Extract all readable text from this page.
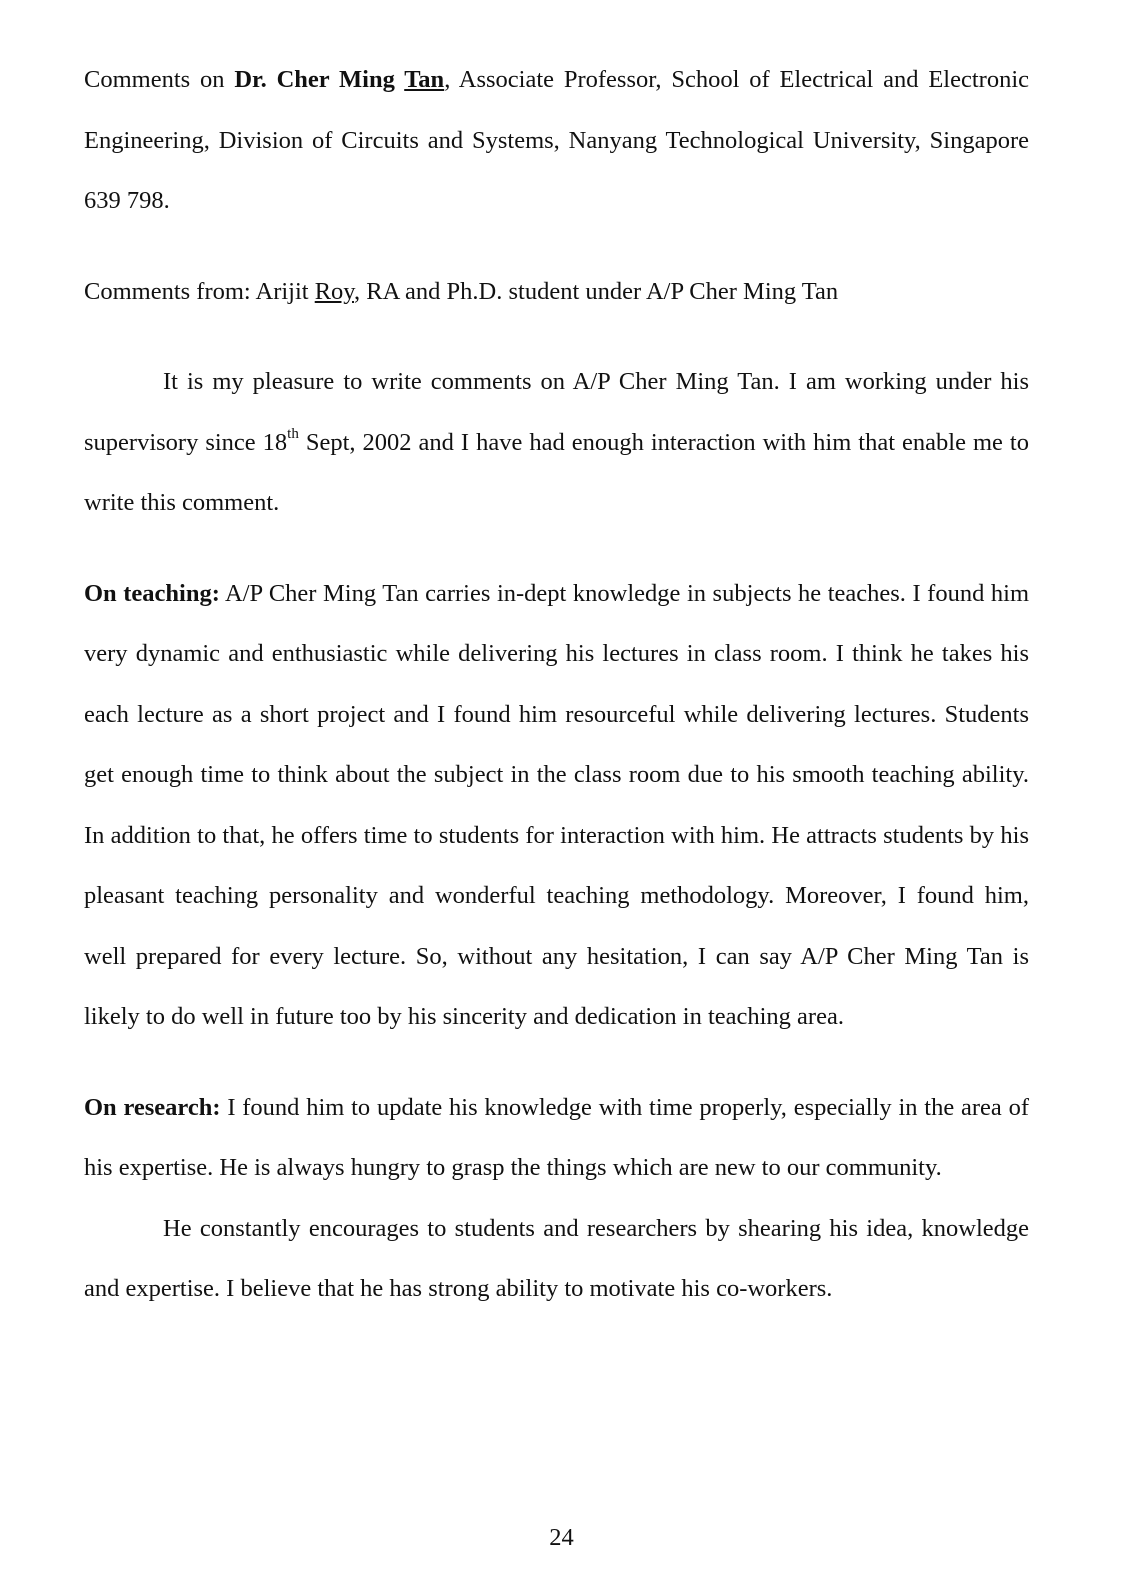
Comments on Dr. Cher Ming Tan, Associate Professor, School of Electrical and Electronic Engineering, Division of Circuits and Systems, Nanyang Technological University, Singapore 639 798.

Comments from: Arijit Roy, RA and Ph.D. student under A/P Cher Ming Tan

It is my pleasure to write comments on A/P Cher Ming Tan. I am working under his supervisory since 18th Sept, 2002 and I have had enough interaction with him that enable me to write this comment.

On teaching: A/P Cher Ming Tan carries in-dept knowledge in subjects he teaches. I found him very dynamic and enthusiastic while delivering his lectures in class room. I think he takes his each lecture as a short project and I found him resourceful while delivering lectures. Students get enough time to think about the subject in the class room due to his smooth teaching ability. In addition to that, he offers time to students for interaction with him. He attracts students by his pleasant teaching personality and wonderful teaching methodology. Moreover, I found him, well prepared for every lecture. So, without any hesitation, I can say A/P Cher Ming Tan is likely to do well in future too by his sincerity and dedication in teaching area.

On research: I found him to update his knowledge with time properly, especially in the area of his expertise. He is always hungry to grasp the things which are new to our community.

He constantly encourages to students and researchers by shearing his idea, knowledge and expertise. I believe that he has strong ability to motivate his co-workers.

24
